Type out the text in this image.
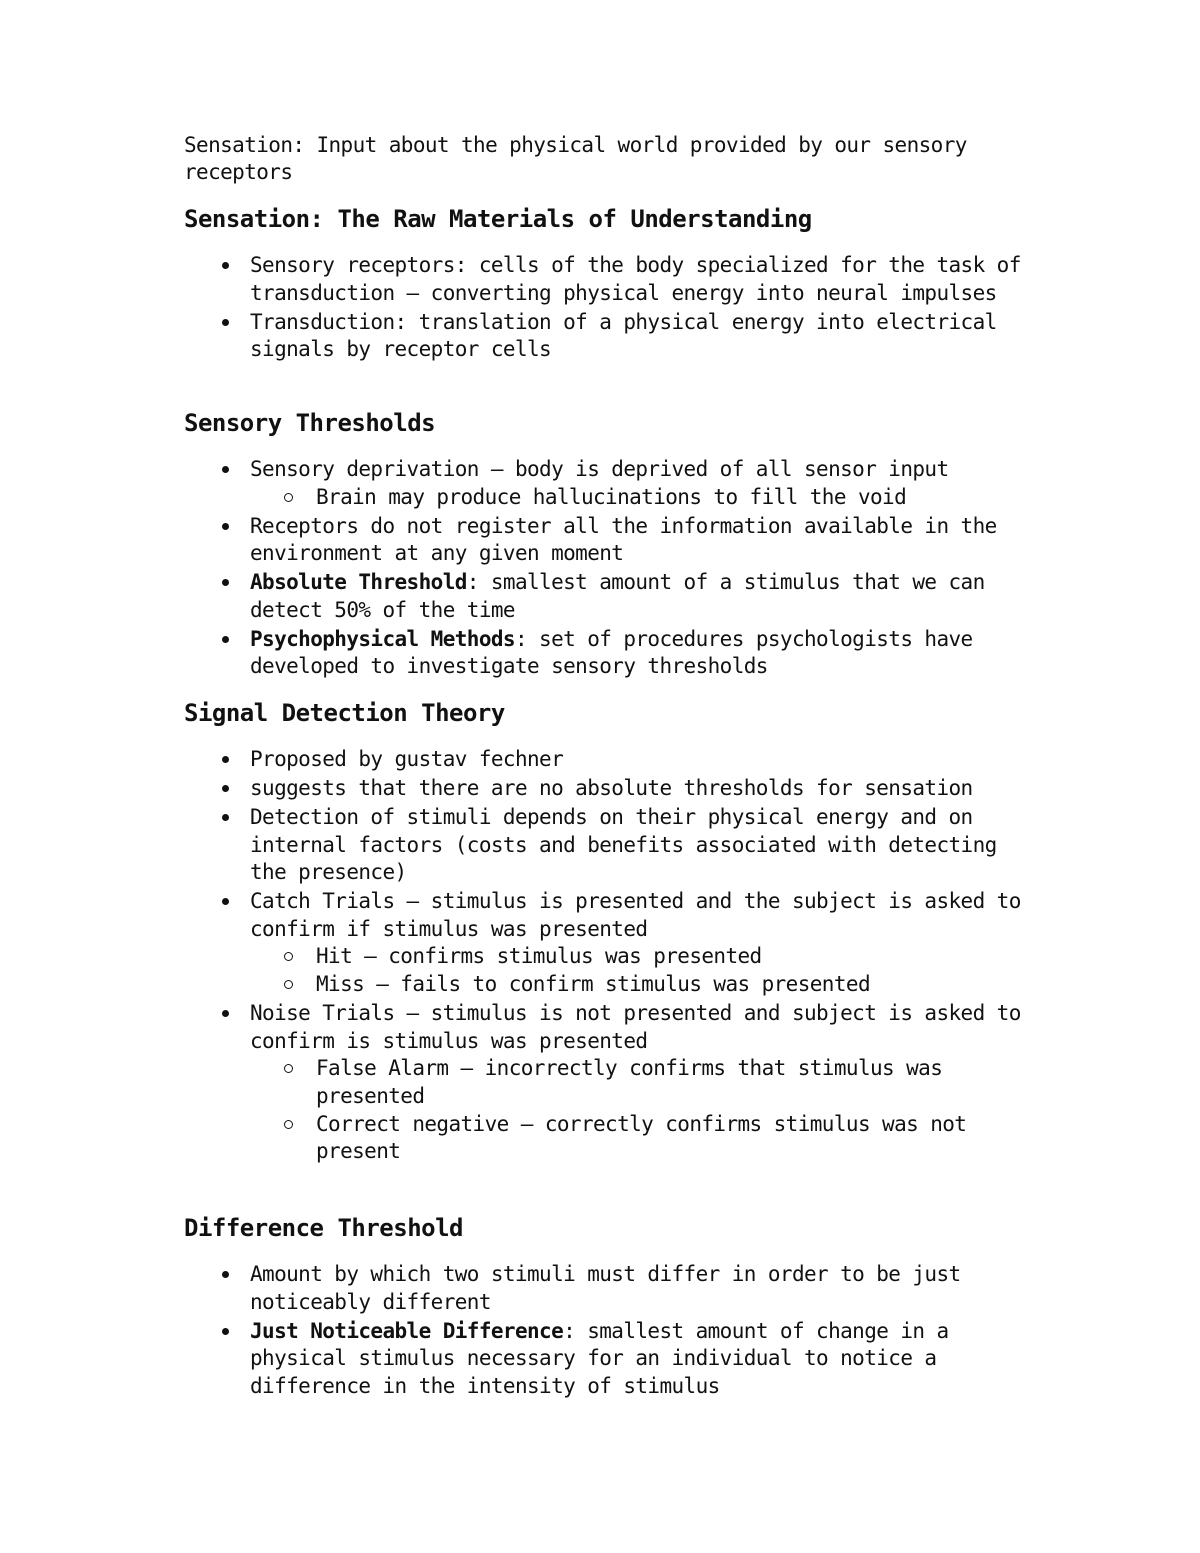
Sensation: Input about the physical world provided by our sensory receptors

Sensation: The Raw Materials of Understanding
Sensory receptors: cells of the body specialized for the task of transduction – converting physical energy into neural impulses
Transduction: translation of a physical energy into electrical signals by receptor cells
Sensory Thresholds
Sensory deprivation – body is deprived of all sensor input
Brain may produce hallucinations to fill the void
Receptors do not register all the information available in the environment at any given moment
Absolute Threshold: smallest amount of a stimulus that we can detect 50% of the time
Psychophysical Methods: set of procedures psychologists have developed to investigate sensory thresholds
Signal Detection Theory
Proposed by gustav fechner
suggests that there are no absolute thresholds for sensation
Detection of stimuli depends on their physical energy and on internal factors (costs and benefits associated with detecting the presence)
Catch Trials – stimulus is presented and the subject is asked to confirm if stimulus was presented
Hit – confirms stimulus was presented
Miss – fails to confirm stimulus was presented
Noise Trials – stimulus is not presented and subject is asked to confirm is stimulus was presented
False Alarm – incorrectly confirms that stimulus was presented
Correct negative – correctly confirms stimulus was not present
Difference Threshold
Amount by which two stimuli must differ in order to be just noticeably different
Just Noticeable Difference: smallest amount of change in a physical stimulus necessary for an individual to notice a difference in the intensity of stimulus
